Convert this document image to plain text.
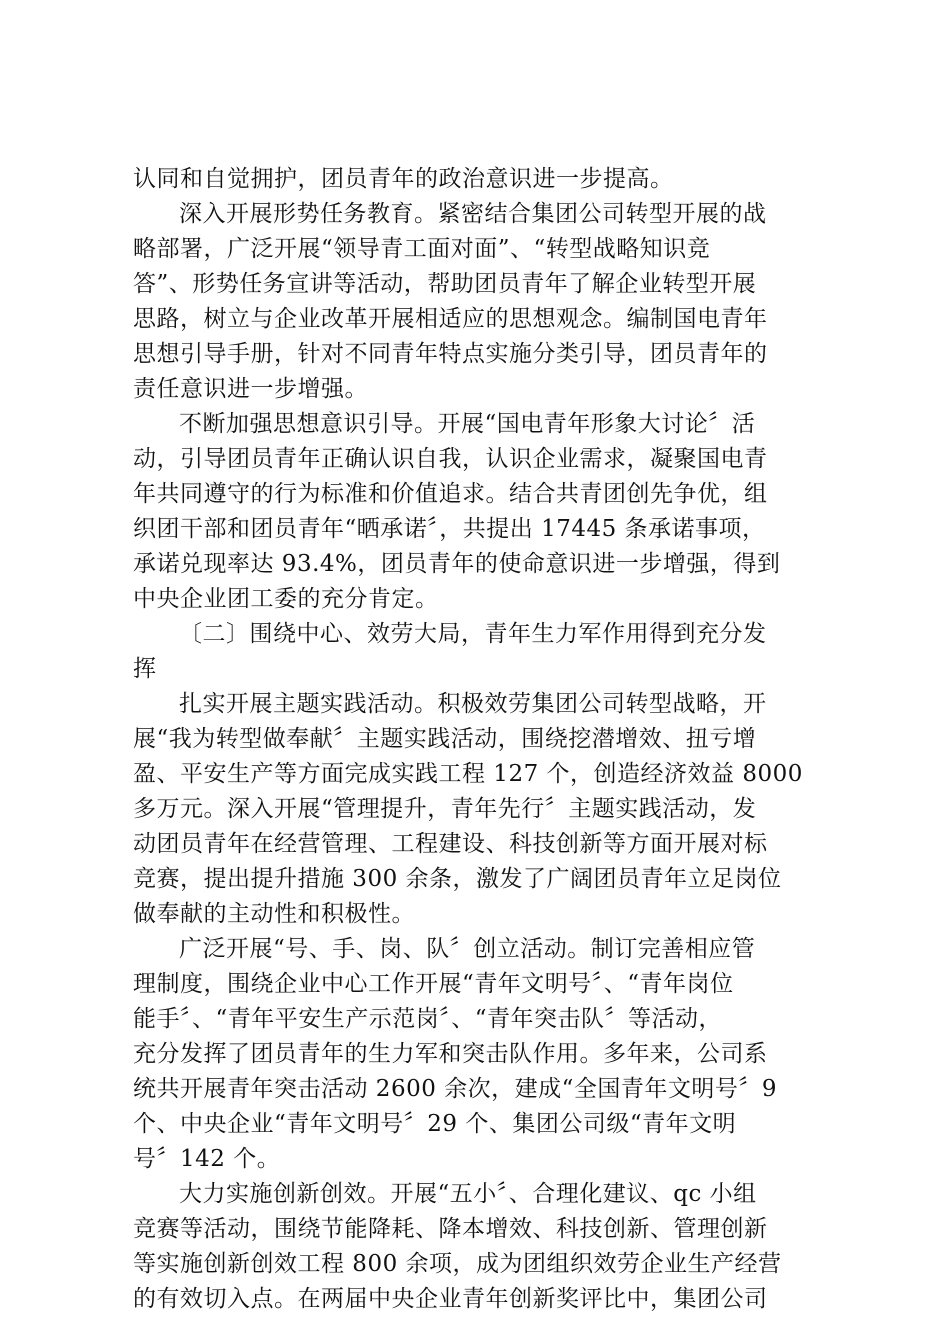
认同和自觉拥护，团员青年的政治意识进一步提高。
深入开展形势任务教育。紧密结合集团公司转型开展的战
略部署，广泛开展“领导青工面对面”、“转型战略知识竞
答”、形势任务宣讲等活动，帮助团员青年了解企业转型开展
思路，树立与企业改革开展相适应的思想观念。编制国电青年
思想引导手册，针对不同青年特点实施分类引导，团员青年的
责任意识进一步增强。
不断加强思想意识引导。开展“国电青年形象大讨论〞活
动，引导团员青年正确认识自我，认识企业需求，凝聚国电青
年共同遵守的行为标准和价值追求。结合共青团创先争优，组
织团干部和团员青年“晒承诺〞，共提出 17445 条承诺事项，
承诺兑现率达 93.4%，团员青年的使命意识进一步增强，得到
中央企业团工委的充分肯定。
〔二〕围绕中心、效劳大局，青年生力军作用得到充分发
挥
扎实开展主题实践活动。积极效劳集团公司转型战略，开
展“我为转型做奉献〞主题实践活动，围绕挖潜增效、扭亏增
盈、平安生产等方面完成实践工程 127 个，创造经济效益 8000
多万元。深入开展“管理提升，青年先行〞主题实践活动，发
动团员青年在经营管理、工程建设、科技创新等方面开展对标
竞赛，提出提升措施 300 余条，激发了广阔团员青年立足岗位
做奉献的主动性和积极性。
广泛开展“号、手、岗、队〞创立活动。制订完善相应管
理制度，围绕企业中心工作开展“青年文明号〞、“青年岗位
能手〞、“青年平安生产示范岗〞、“青年突击队〞等活动，
充分发挥了团员青年的生力军和突击队作用。多年来，公司系
统共开展青年突击活动 2600 余次，建成“全国青年文明号〞9
个、中央企业“青年文明号〞29 个、集团公司级“青年文明
号〞142 个。
大力实施创新创效。开展“五小〞、合理化建议、qc 小组
竞赛等活动，围绕节能降耗、降本增效、科技创新、管理创新
等实施创新创效工程 800 余项，成为团组织效劳企业生产经营
的有效切入点。在两届中央企业青年创新奖评比中，集团公司
